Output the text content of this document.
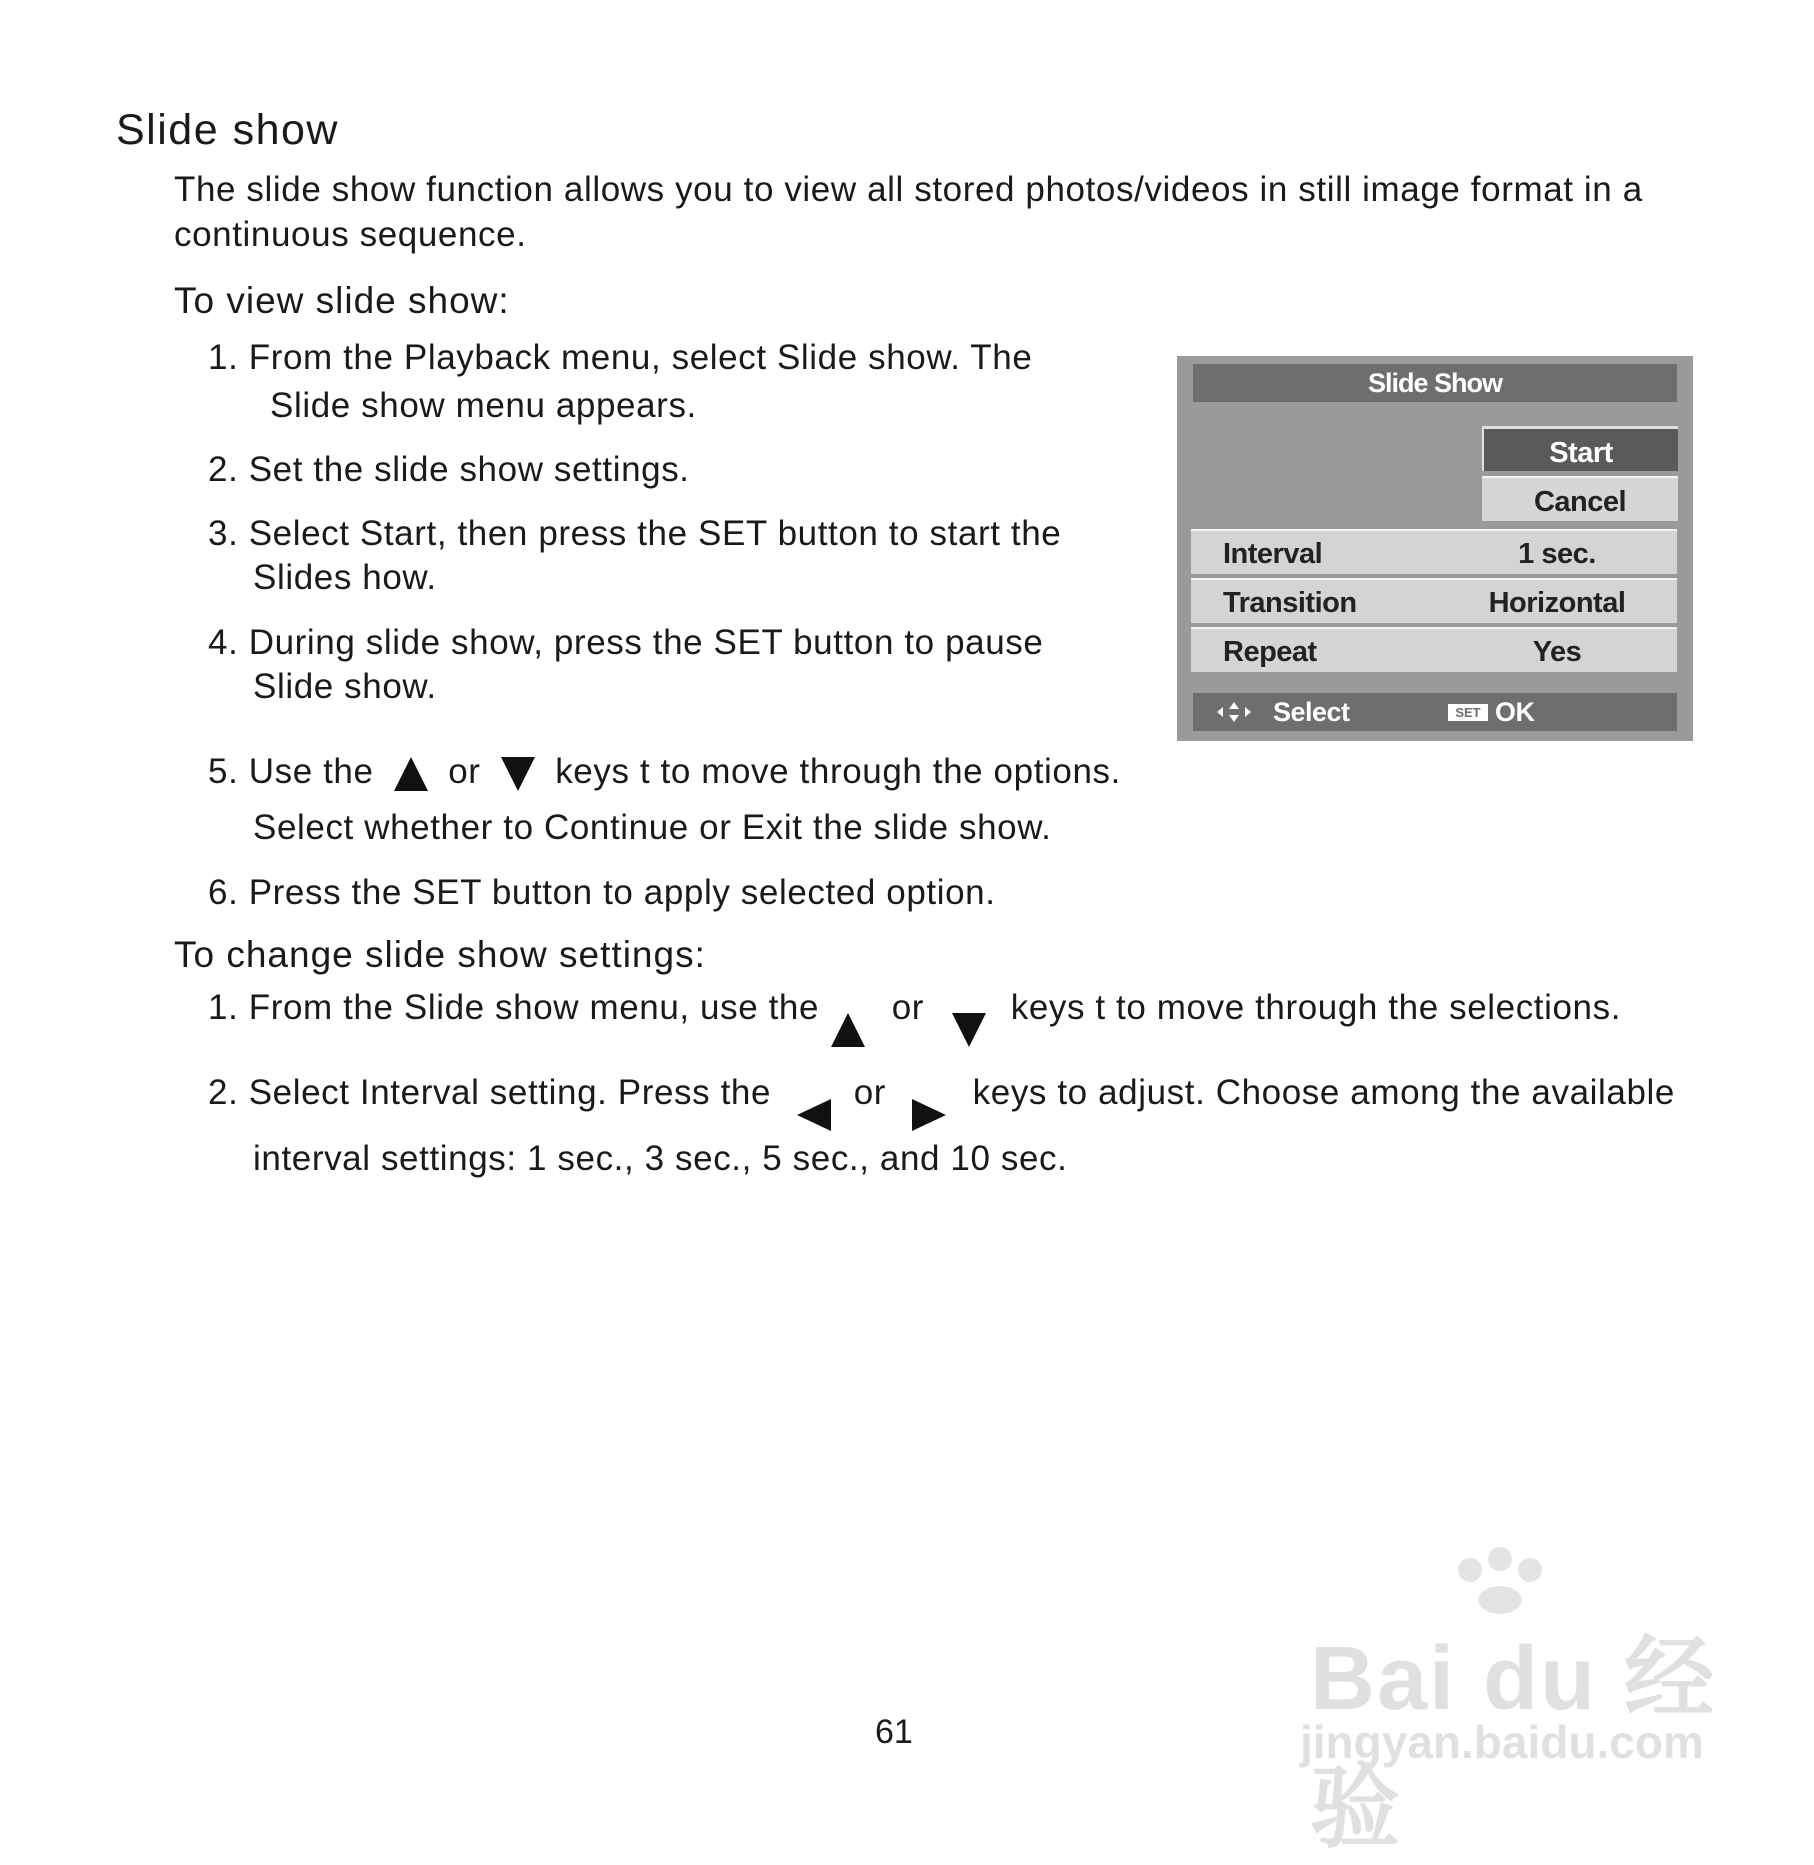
Slide show
The slide show function allows you to view all stored photos/videos in still image format in a
continuous sequence.
To view slide show:
1. From the Playback menu, select Slide show. The
Slide show menu appears.
2. Set the slide show settings.
3. Select Start, then press the SET button to start the
Slides how.
4. During slide show, press the SET button to pause
Slide show.
5. Use the or keys t to move through the options.
Select whether to Continue or Exit the slide show.
6. Press the SET button to apply selected option.
To change slide show settings:
1. From the Slide show menu, use the or keys t to move through the selections.
2. Select Interval setting. Press the or keys to adjust. Choose among the available
interval settings: 1 sec., 3 sec., 5 sec., and 10 sec.
Slide Show
Start
Cancel
Interval	1 sec.
Transition	Horizontal
Repeat	Yes
Select	SET OK
61
Bai du 经验
jingyan.baidu.com
